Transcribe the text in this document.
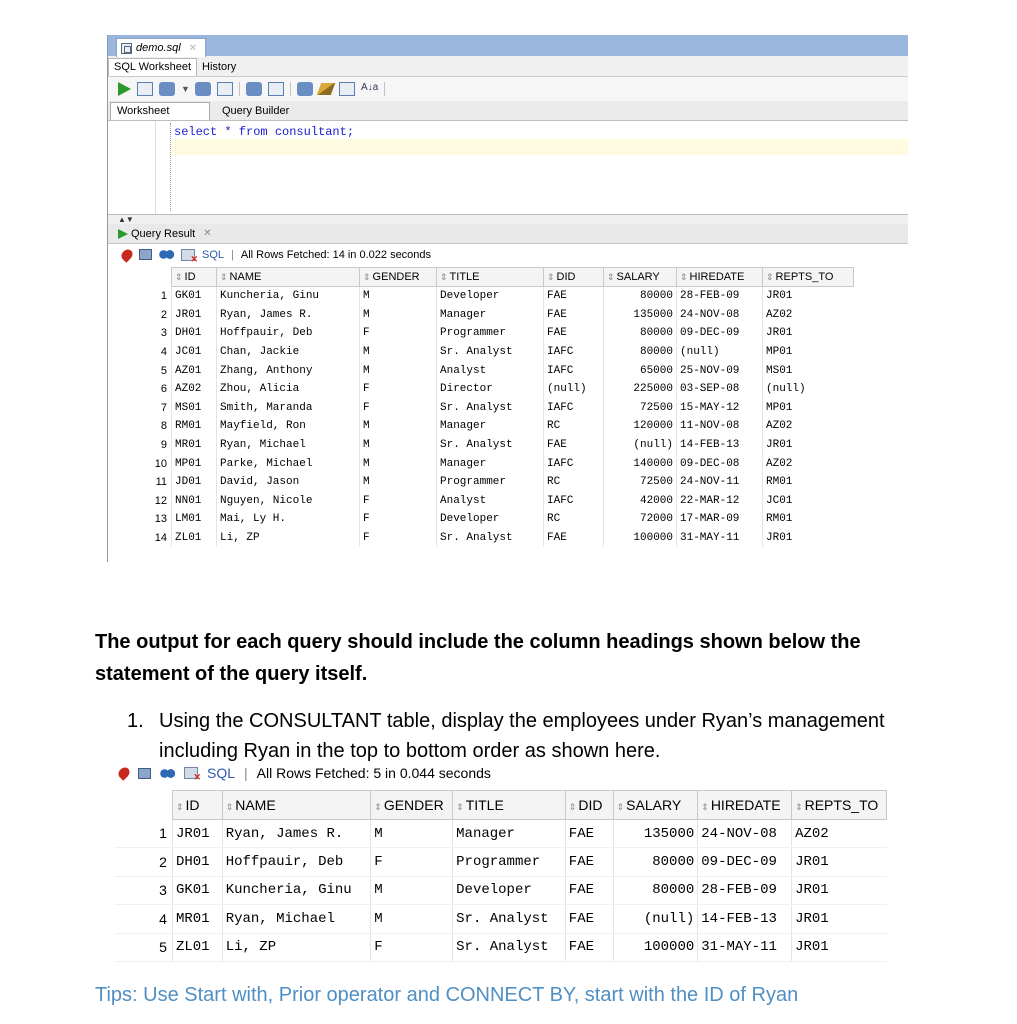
demo.sql ✕
SQL Worksheet	History
▼	A↓a
Worksheet	Query Builder
select * from consultant;
▲▼
Query Result ✕
✕
SQL | All Rows Fetched: 14 in 0.022 seconds
	⇕ ID	⇕ NAME	⇕ GENDER	⇕ TITLE	⇕ DID	⇕ SALARY	⇕ HIREDATE	⇕ REPTS_TO
1	GK01	Kuncheria, Ginu	M	Developer	FAE	80000	28-FEB-09	JR01
2	JR01	Ryan, James R.	M	Manager	FAE	135000	24-NOV-08	AZ02
3	DH01	Hoffpauir, Deb	F	Programmer	FAE	80000	09-DEC-09	JR01
4	JC01	Chan, Jackie	M	Sr. Analyst	IAFC	80000	(null)	MP01
5	AZ01	Zhang, Anthony	M	Analyst	IAFC	65000	25-NOV-09	MS01
6	AZ02	Zhou, Alicia	F	Director	(null)	225000	03-SEP-08	(null)
7	MS01	Smith, Maranda	F	Sr. Analyst	IAFC	72500	15-MAY-12	MP01
8	RM01	Mayfield, Ron	M	Manager	RC	120000	11-NOV-08	AZ02
9	MR01	Ryan, Michael	M	Sr. Analyst	FAE	(null)	14-FEB-13	JR01
10	MP01	Parke, Michael	M	Manager	IAFC	140000	09-DEC-08	AZ02
11	JD01	David, Jason	M	Programmer	RC	72500	24-NOV-11	RM01
12	NN01	Nguyen, Nicole	F	Analyst	IAFC	42000	22-MAR-12	JC01
13	LM01	Mai, Ly H.	F	Developer	RC	72000	17-MAR-09	RM01
14	ZL01	Li, ZP	F	Sr. Analyst	FAE	100000	31-MAY-11	JR01

The output for each query should include the column headings shown below the statement of the query itself.

1. Using the CONSULTANT table, display the employees under Ryan’s management including Ryan in the top to bottom order as shown here.
✕
SQL | All Rows Fetched: 5 in 0.044 seconds
	⇕ ID	⇕ NAME	⇕ GENDER	⇕ TITLE	⇕ DID	⇕ SALARY	⇕ HIREDATE	⇕ REPTS_TO
1	JR01	Ryan, James R.	M	Manager	FAE	135000	24-NOV-08	AZ02
2	DH01	Hoffpauir, Deb	F	Programmer	FAE	80000	09-DEC-09	JR01
3	GK01	Kuncheria, Ginu	M	Developer	FAE	80000	28-FEB-09	JR01
4	MR01	Ryan, Michael	M	Sr. Analyst	FAE	(null)	14-FEB-13	JR01
5	ZL01	Li, ZP	F	Sr. Analyst	FAE	100000	31-MAY-11	JR01

Tips: Use Start with, Prior operator and CONNECT BY, start with the ID of Ryan
